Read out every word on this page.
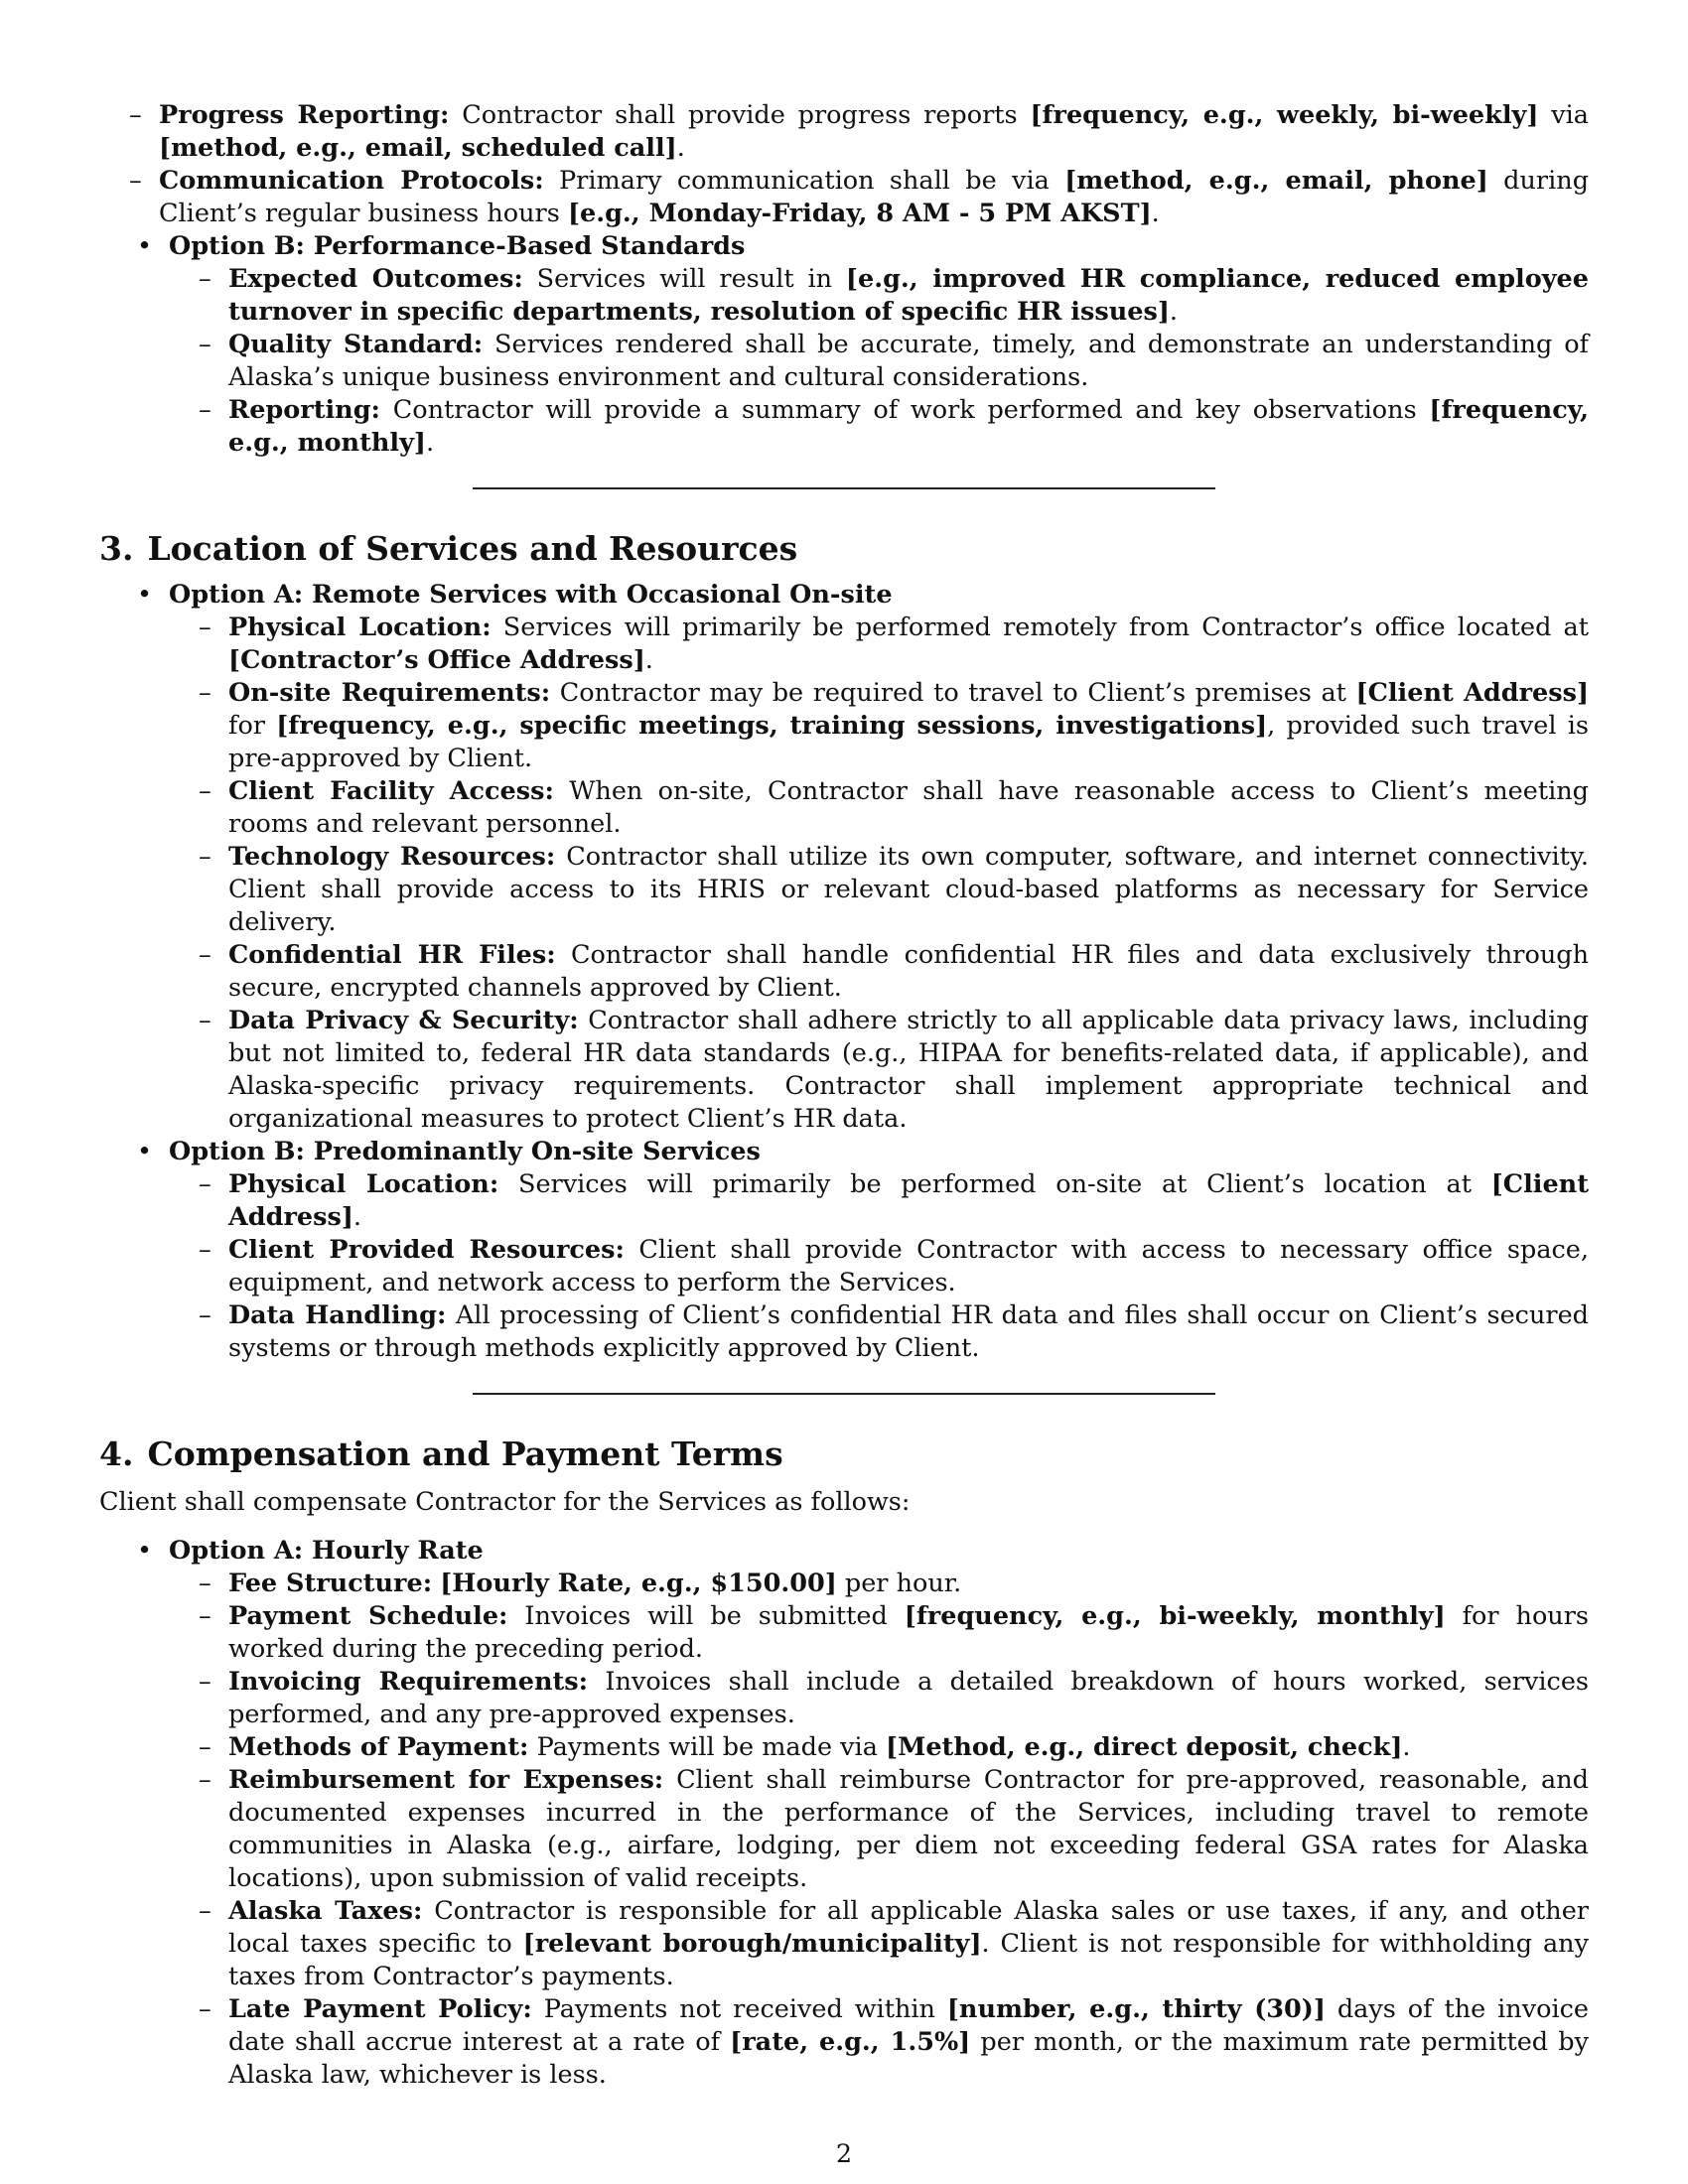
– Progress Reporting: Contractor shall provide progress reports [frequency, e.g., weekly, bi-weekly] via [method, e.g., email, scheduled call].
– Communication Protocols: Primary communication shall be via [method, e.g., email, phone] during Client’s regular business hours [e.g., Monday-Friday, 8 AM - 5 PM AKST].
• Option B: Performance-Based Standards
– Expected Outcomes: Services will result in [e.g., improved HR compliance, reduced employee turnover in specific departments, resolution of specific HR issues].
– Quality Standard: Services rendered shall be accurate, timely, and demonstrate an understanding of Alaska’s unique business environment and cultural considerations.
– Reporting: Contractor will provide a summary of work performed and key observations [frequency, e.g., monthly].
3. Location of Services and Resources
• Option A: Remote Services with Occasional On-site
– Physical Location: Services will primarily be performed remotely from Contractor’s office located at [Contractor’s Office Address].
– On-site Requirements: Contractor may be required to travel to Client’s premises at [Client Address] for [frequency, e.g., specific meetings, training sessions, investigations], provided such travel is pre-approved by Client.
– Client Facility Access: When on-site, Contractor shall have reasonable access to Client’s meeting rooms and relevant personnel.
– Technology Resources: Contractor shall utilize its own computer, software, and internet connectivity. Client shall provide access to its HRIS or relevant cloud-based platforms as necessary for Service delivery.
– Confidential HR Files: Contractor shall handle confidential HR files and data exclusively through secure, encrypted channels approved by Client.
– Data Privacy & Security: Contractor shall adhere strictly to all applicable data privacy laws, including but not limited to, federal HR data standards (e.g., HIPAA for benefits-related data, if applicable), and Alaska-specific privacy requirements. Contractor shall implement appropriate technical and organizational measures to protect Client’s HR data.
• Option B: Predominantly On-site Services
– Physical Location: Services will primarily be performed on-site at Client’s location at [Client Address].
– Client Provided Resources: Client shall provide Contractor with access to necessary office space, equipment, and network access to perform the Services.
– Data Handling: All processing of Client’s confidential HR data and files shall occur on Client’s secured systems or through methods explicitly approved by Client.
4. Compensation and Payment Terms

Client shall compensate Contractor for the Services as follows:

• Option A: Hourly Rate
– Fee Structure: [Hourly Rate, e.g., $150.00] per hour.
– Payment Schedule: Invoices will be submitted [frequency, e.g., bi-weekly, monthly] for hours worked during the preceding period.
– Invoicing Requirements: Invoices shall include a detailed breakdown of hours worked, services performed, and any pre-approved expenses.
– Methods of Payment: Payments will be made via [Method, e.g., direct deposit, check].
– Reimbursement for Expenses: Client shall reimburse Contractor for pre-approved, reasonable, and documented expenses incurred in the performance of the Services, including travel to remote communities in Alaska (e.g., airfare, lodging, per diem not exceeding federal GSA rates for Alaska locations), upon submission of valid receipts.
– Alaska Taxes: Contractor is responsible for all applicable Alaska sales or use taxes, if any, and other local taxes specific to [relevant borough/municipality]. Client is not responsible for withholding any taxes from Contractor’s payments.
– Late Payment Policy: Payments not received within [number, e.g., thirty (30)] days of the invoice date shall accrue interest at a rate of [rate, e.g., 1.5%] per month, or the maximum rate permitted by Alaska law, whichever is less.
2
